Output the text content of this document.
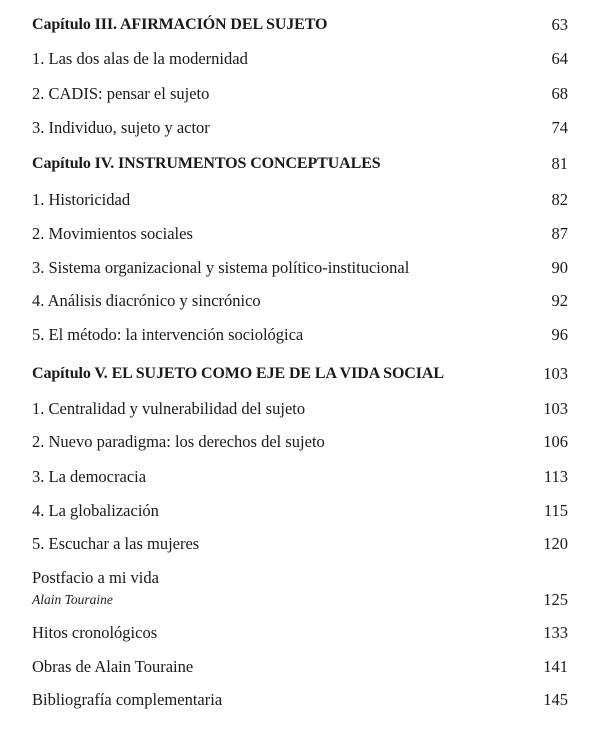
Capítulo III. AFIRMACIÓN DEL SUJETO	63
1. Las dos alas de la modernidad	64
2. CADIS: pensar el sujeto	68
3. Individuo, sujeto y actor	74
Capítulo IV. INSTRUMENTOS CONCEPTUALES	81
1. Historicidad	82
2. Movimientos sociales	87
3. Sistema organizacional y sistema político-institucional	90
4. Análisis diacrónico y sincrónico	92
5. El método: la intervención sociológica	96
Capítulo V. EL SUJETO COMO EJE DE LA VIDA SOCIAL	103
1. Centralidad y vulnerabilidad del sujeto	103
2. Nuevo paradigma: los derechos del sujeto	106
3. La democracia	113
4. La globalización	115
5. Escuchar a las mujeres	120
Postfacio a mi vida
Alain Touraine	125
Hitos cronológicos	133
Obras de Alain Touraine	141
Bibliografía complementaria	145
